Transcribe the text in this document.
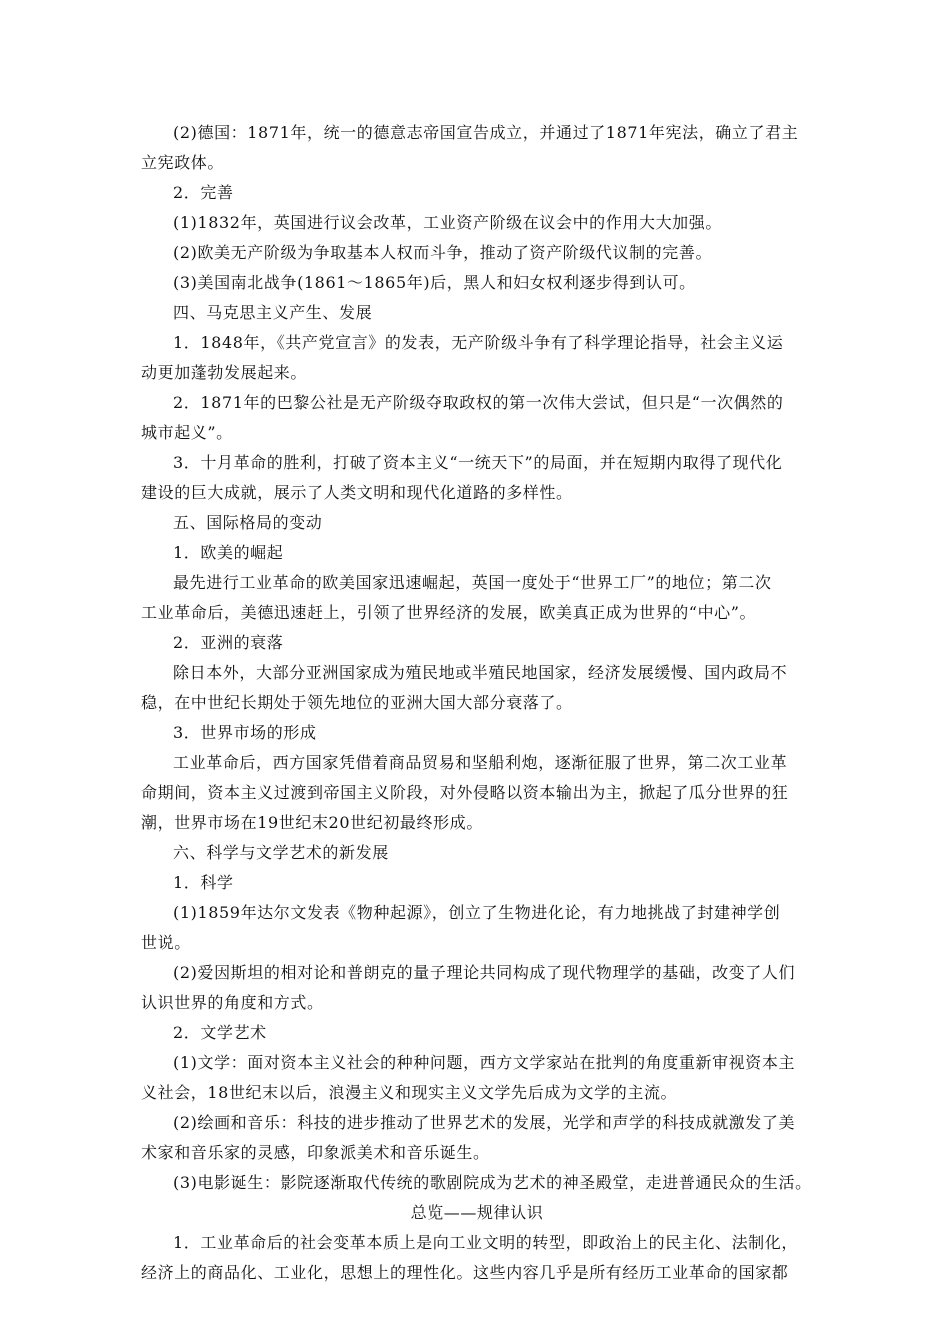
(2)德国：1871年，统一的德意志帝国宣告成立，并通过了1871年宪法，确立了君主
立宪政体。
2．完善
(1)1832年，英国进行议会改革，工业资产阶级在议会中的作用大大加强。
(2)欧美无产阶级为争取基本人权而斗争，推动了资产阶级代议制的完善。
(3)美国南北战争(1861～1865年)后，黑人和妇女权利逐步得到认可。
四、马克思主义产生、发展
1．1848年，《共产党宣言》的发表，无产阶级斗争有了科学理论指导，社会主义运
动更加蓬勃发展起来。
2．1871年的巴黎公社是无产阶级夺取政权的第一次伟大尝试，但只是“一次偶然的
城市起义”。
3．十月革命的胜利，打破了资本主义“一统天下”的局面，并在短期内取得了现代化
建设的巨大成就，展示了人类文明和现代化道路的多样性。
五、国际格局的变动
1．欧美的崛起
最先进行工业革命的欧美国家迅速崛起，英国一度处于“世界工厂”的地位；第二次
工业革命后，美德迅速赶上，引领了世界经济的发展，欧美真正成为世界的“中心”。
2．亚洲的衰落
除日本外，大部分亚洲国家成为殖民地或半殖民地国家，经济发展缓慢、国内政局不
稳，在中世纪长期处于领先地位的亚洲大国大部分衰落了。
3．世界市场的形成
工业革命后，西方国家凭借着商品贸易和坚船利炮，逐渐征服了世界，第二次工业革
命期间，资本主义过渡到帝国主义阶段，对外侵略以资本输出为主，掀起了瓜分世界的狂
潮，世界市场在19世纪末20世纪初最终形成。
六、科学与文学艺术的新发展
1．科学
(1)1859年达尔文发表《物种起源》，创立了生物进化论，有力地挑战了封建神学创
世说。
(2)爱因斯坦的相对论和普朗克的量子理论共同构成了现代物理学的基础，改变了人们
认识世界的角度和方式。
2．文学艺术
(1)文学：面对资本主义社会的种种问题，西方文学家站在批判的角度重新审视资本主
义社会，18世纪末以后，浪漫主义和现实主义文学先后成为文学的主流。
(2)绘画和音乐：科技的进步推动了世界艺术的发展，光学和声学的科技成就激发了美
术家和音乐家的灵感，印象派美术和音乐诞生。
(3)电影诞生：影院逐渐取代传统的歌剧院成为艺术的神圣殿堂，走进普通民众的生活。
总览——规律认识
1．工业革命后的社会变革本质上是向工业文明的转型，即政治上的民主化、法制化，
经济上的商品化、工业化，思想上的理性化。这些内容几乎是所有经历工业革命的国家都
